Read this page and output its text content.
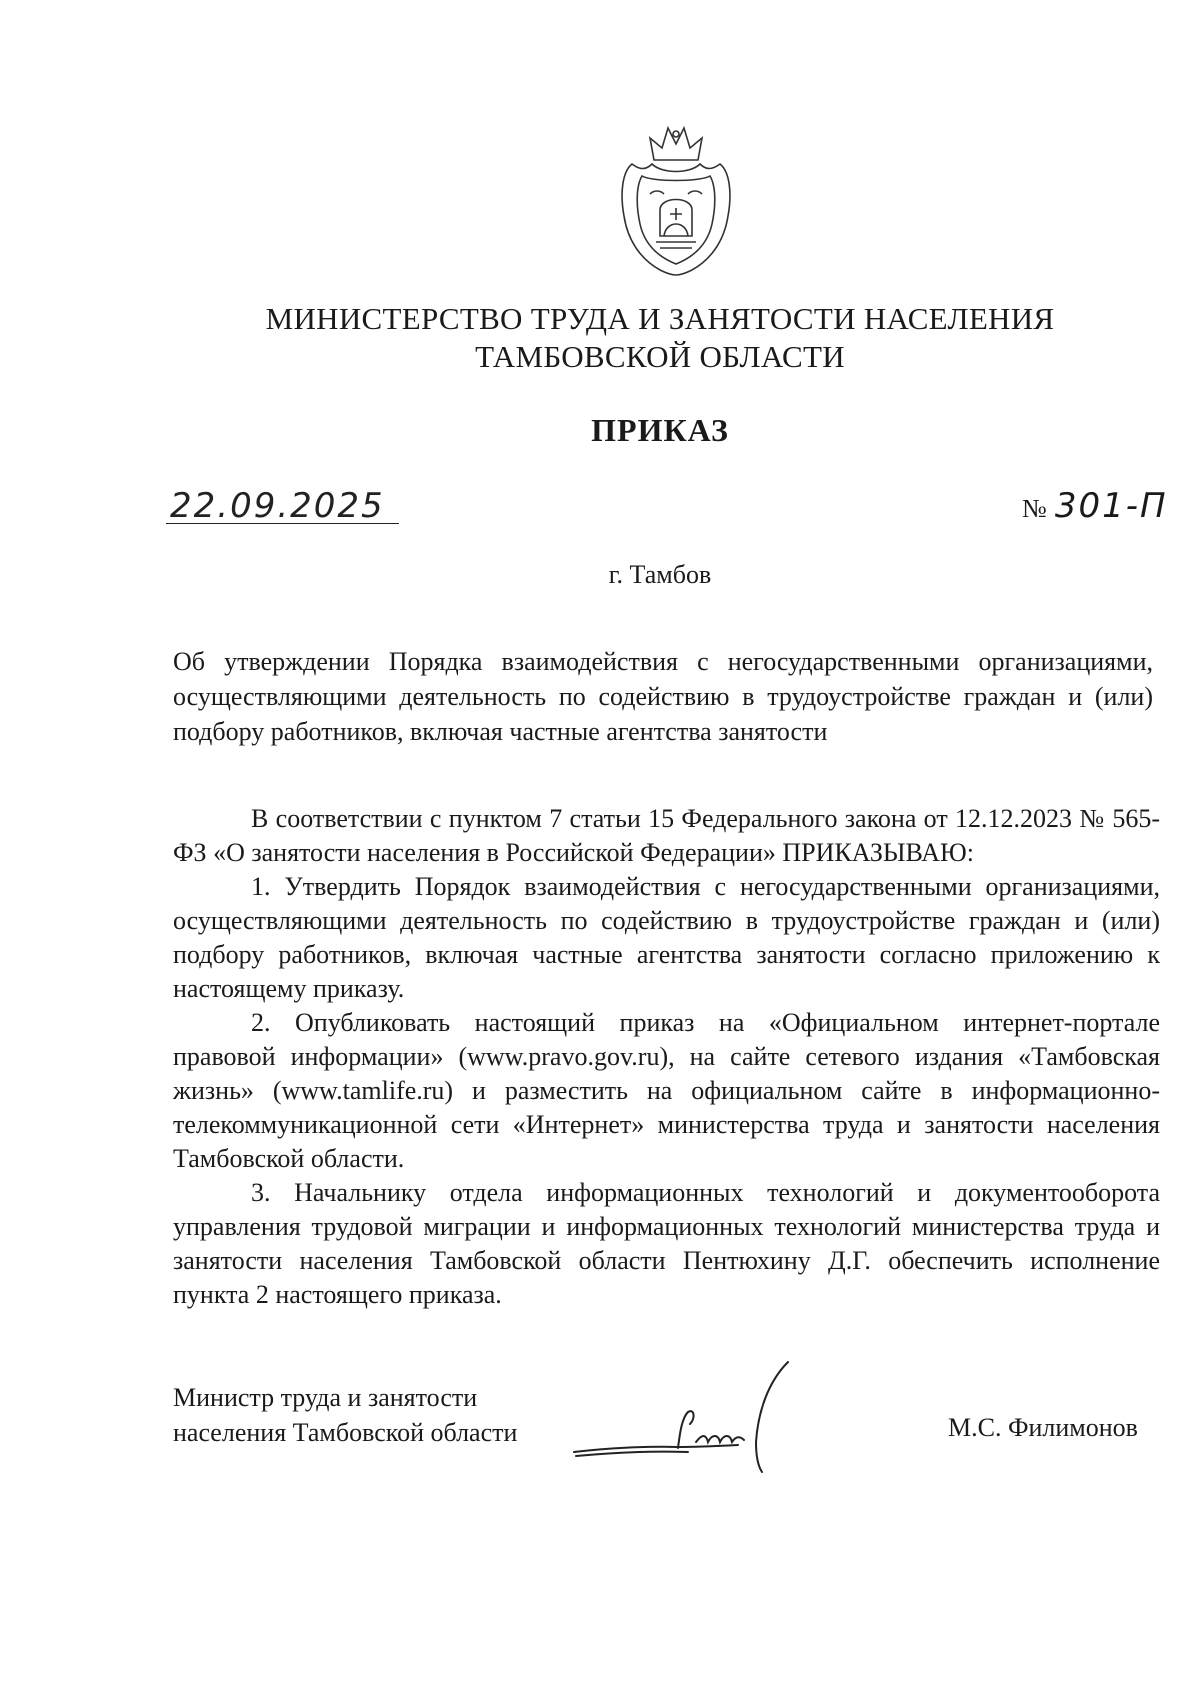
МИНИСТЕРСТВО ТРУДА И ЗАНЯТОСТИ НАСЕЛЕНИЯ
ТАМБОВСКОЙ ОБЛАСТИ
ПРИКАЗ
22.09.2025	№ 301-П
г. Тамбов
Об утверждении Порядка взаимодействия с негосударственными организациями, осуществляющими деятельность по содействию в трудоустройстве граждан и (или) подбору работников, включая частные агентства занятости

В соответствии с пунктом 7 статьи 15 Федерального закона от 12.12.2023 № 565-ФЗ «О занятости населения в Российской Федерации» ПРИКАЗЫВАЮ:

1. Утвердить Порядок взаимодействия с негосударственными организациями, осуществляющими деятельность по содействию в трудоустройстве граждан и (или) подбору работников, включая частные агентства занятости согласно приложению к настоящему приказу.

2. Опубликовать настоящий приказ на «Официальном интернет-портале правовой информации» (www.pravo.gov.ru), на сайте сетевого издания «Тамбовская жизнь» (www.tamlife.ru) и разместить на официальном сайте в информационно-телекоммуникационной сети «Интернет» министерства труда и занятости населения Тамбовской области.

3. Начальнику отдела информационных технологий и документооборота управления трудовой миграции и информационных технологий министерства труда и занятости населения Тамбовской области Пентюхину Д.Г. обеспечить исполнение пункта 2 настоящего приказа.

Министр труда и занятости
населения Тамбовской области	М.С. Филимонов
